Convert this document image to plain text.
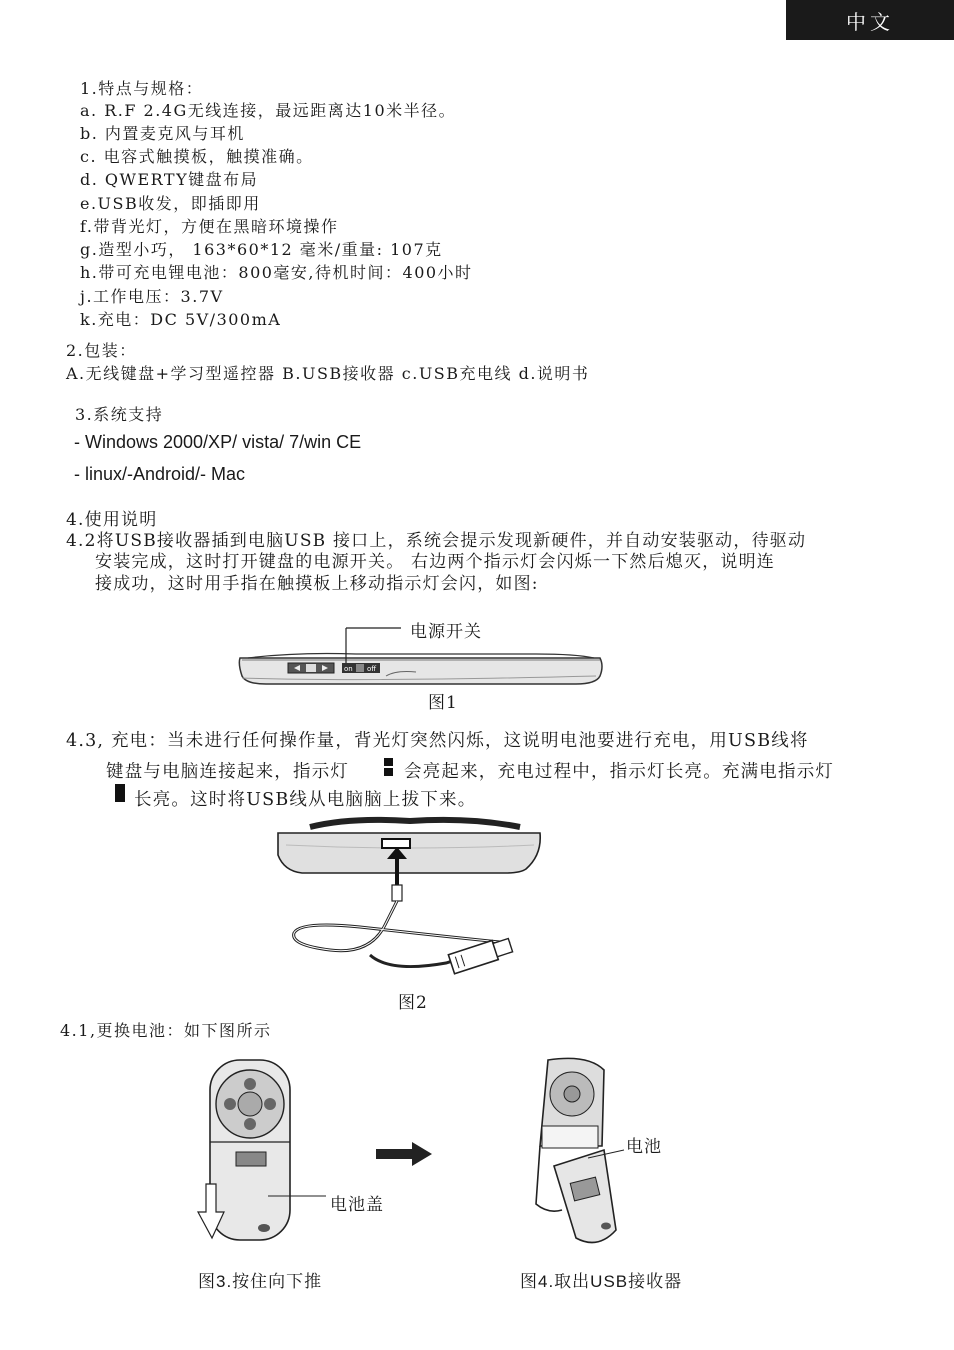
中文
1.特点与规格：
a. R.F 2.4G无线连接，最远距离达10米半径。
b. 内置麦克风与耳机
c. 电容式触摸板，触摸准确。
d. QWERTY键盘布局
e.USB收发，即插即用
f.带背光灯，方便在黑暗环境操作
g.造型小巧， 163*60*12 毫米/重量: 107克
h.带可充电锂电池：800毫安,待机时间：400小时
j.工作电压：3.7V
k.充电：DC 5V/300mA
2.包装：
A.无线键盘+学习型遥控器 B.USB接收器 c.USB充电线 d.说明书
3.系统支持
- Windows 2000/XP/ vista/ 7/win CE
- linux/-Android/- Mac
4.使用说明
4.2将USB接收器插到电脑USB 接口上，系统会提示发现新硬件，并自动安装驱动，待驱动
安装完成，这时打开键盘的电源开关。 右边两个指示灯会闪烁一下然后熄灭，说明连
接成功，这时用手指在触摸板上移动指示灯会闪，如图:
on off
电源开关
图1
4.3, 充电：当未进行任何操作量，背光灯突然闪烁，这说明电池要进行充电，用USB线将
键盘与电脑连接起来，指示灯	会亮起来，充电过程中，指示灯长亮。充满电指示灯
长亮。这时将USB线从电脑脑上拔下来。
图2
4.1,更换电池：如下图所示
电池盖
电池
图3.按住向下推	图4.取出USB接收器
